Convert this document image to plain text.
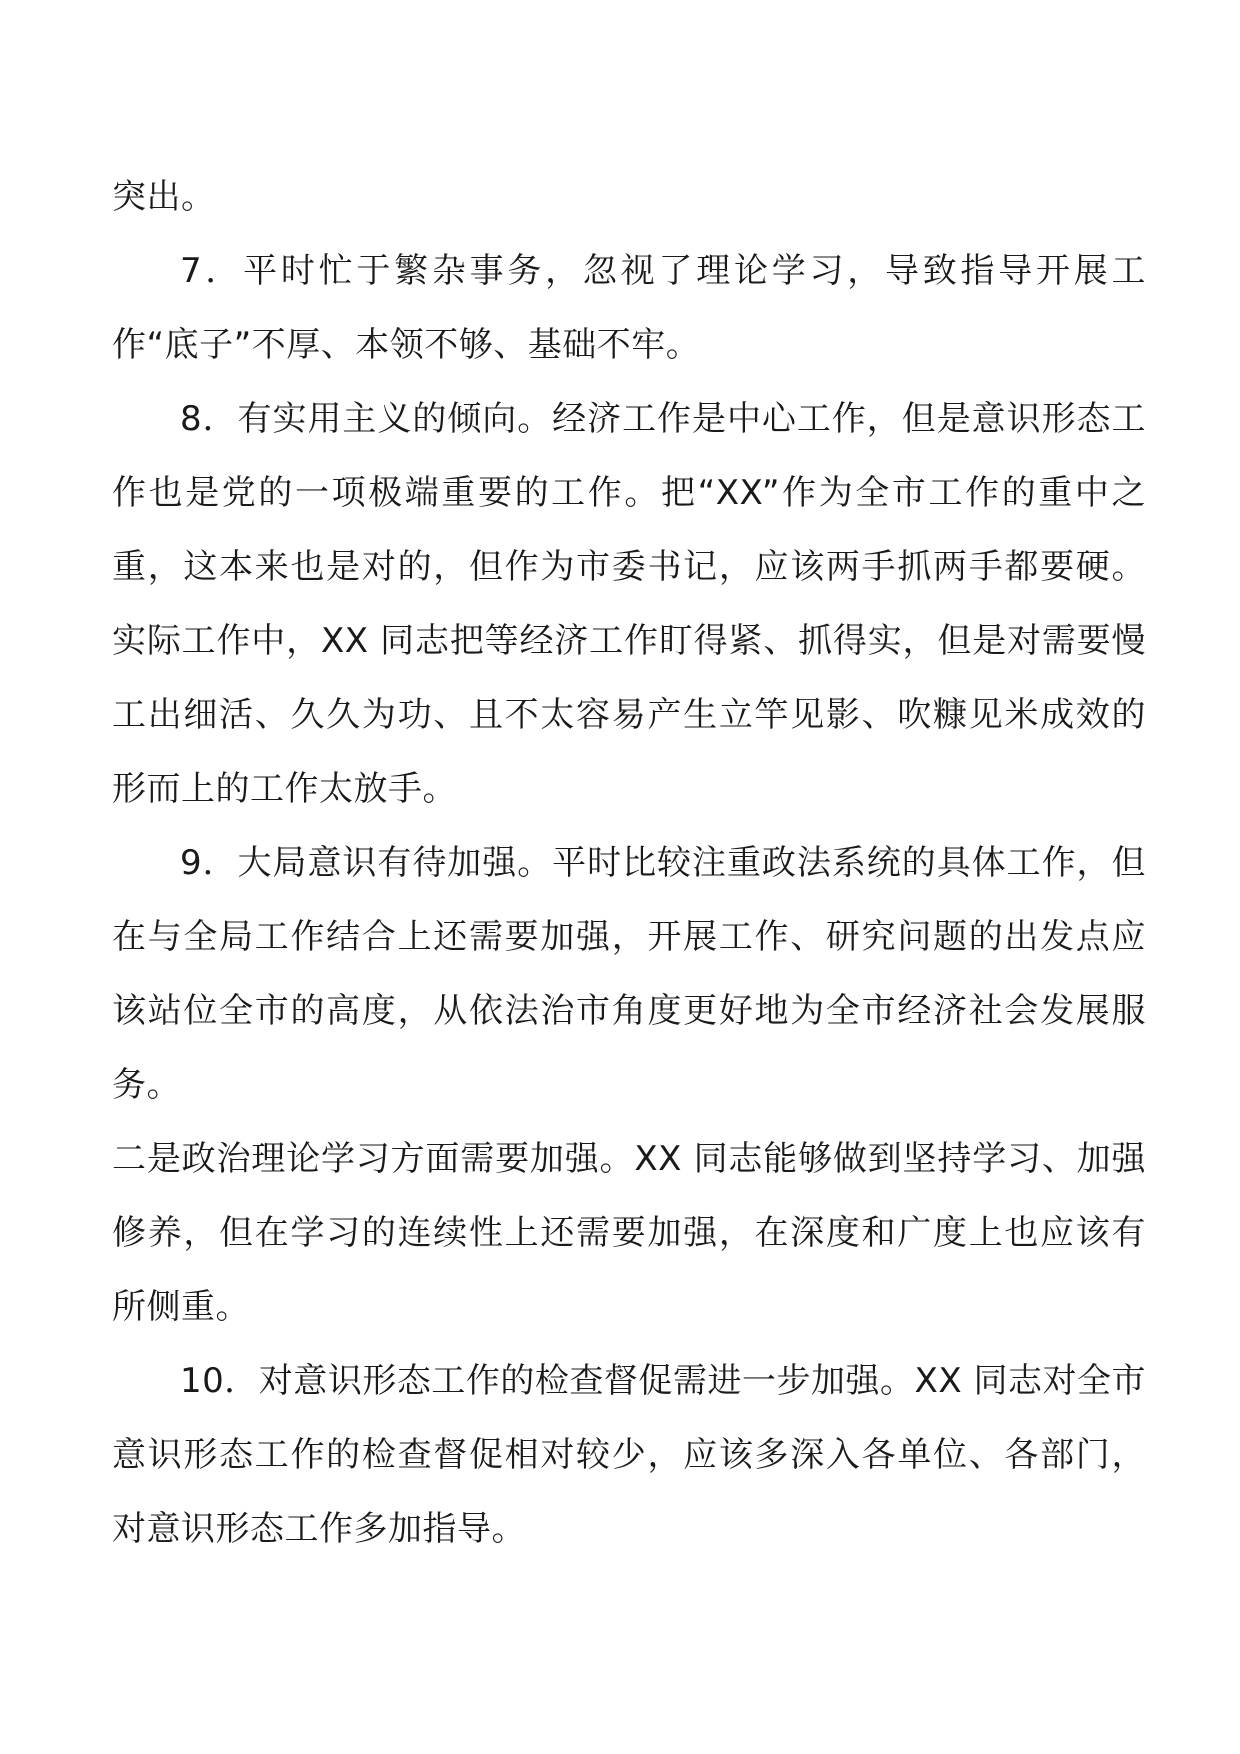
突出。

7．平时忙于繁杂事务，忽视了理论学习，导致指导开展工作“底子”不厚、本领不够、基础不牢。

8．有实用主义的倾向。经济工作是中心工作，但是意识形态工作也是党的一项极端重要的工作。把“XX”作为全市工作的重中之重，这本来也是对的，但作为市委书记，应该两手抓两手都要硬。实际工作中，XX 同志把等经济工作盯得紧、抓得实，但是对需要慢工出细活、久久为功、且不太容易产生立竿见影、吹糠见米成效的形而上的工作太放手。

9．大局意识有待加强。平时比较注重政法系统的具体工作，但在与全局工作结合上还需要加强，开展工作、研究问题的出发点应该站位全市的高度，从依法治市角度更好地为全市经济社会发展服务。

二是政治理论学习方面需要加强。XX 同志能够做到坚持学习、加强修养，但在学习的连续性上还需要加强，在深度和广度上也应该有所侧重。

10．对意识形态工作的检查督促需进一步加强。XX 同志对全市意识形态工作的检查督促相对较少，应该多深入各单位、各部门，对意识形态工作多加指导。
